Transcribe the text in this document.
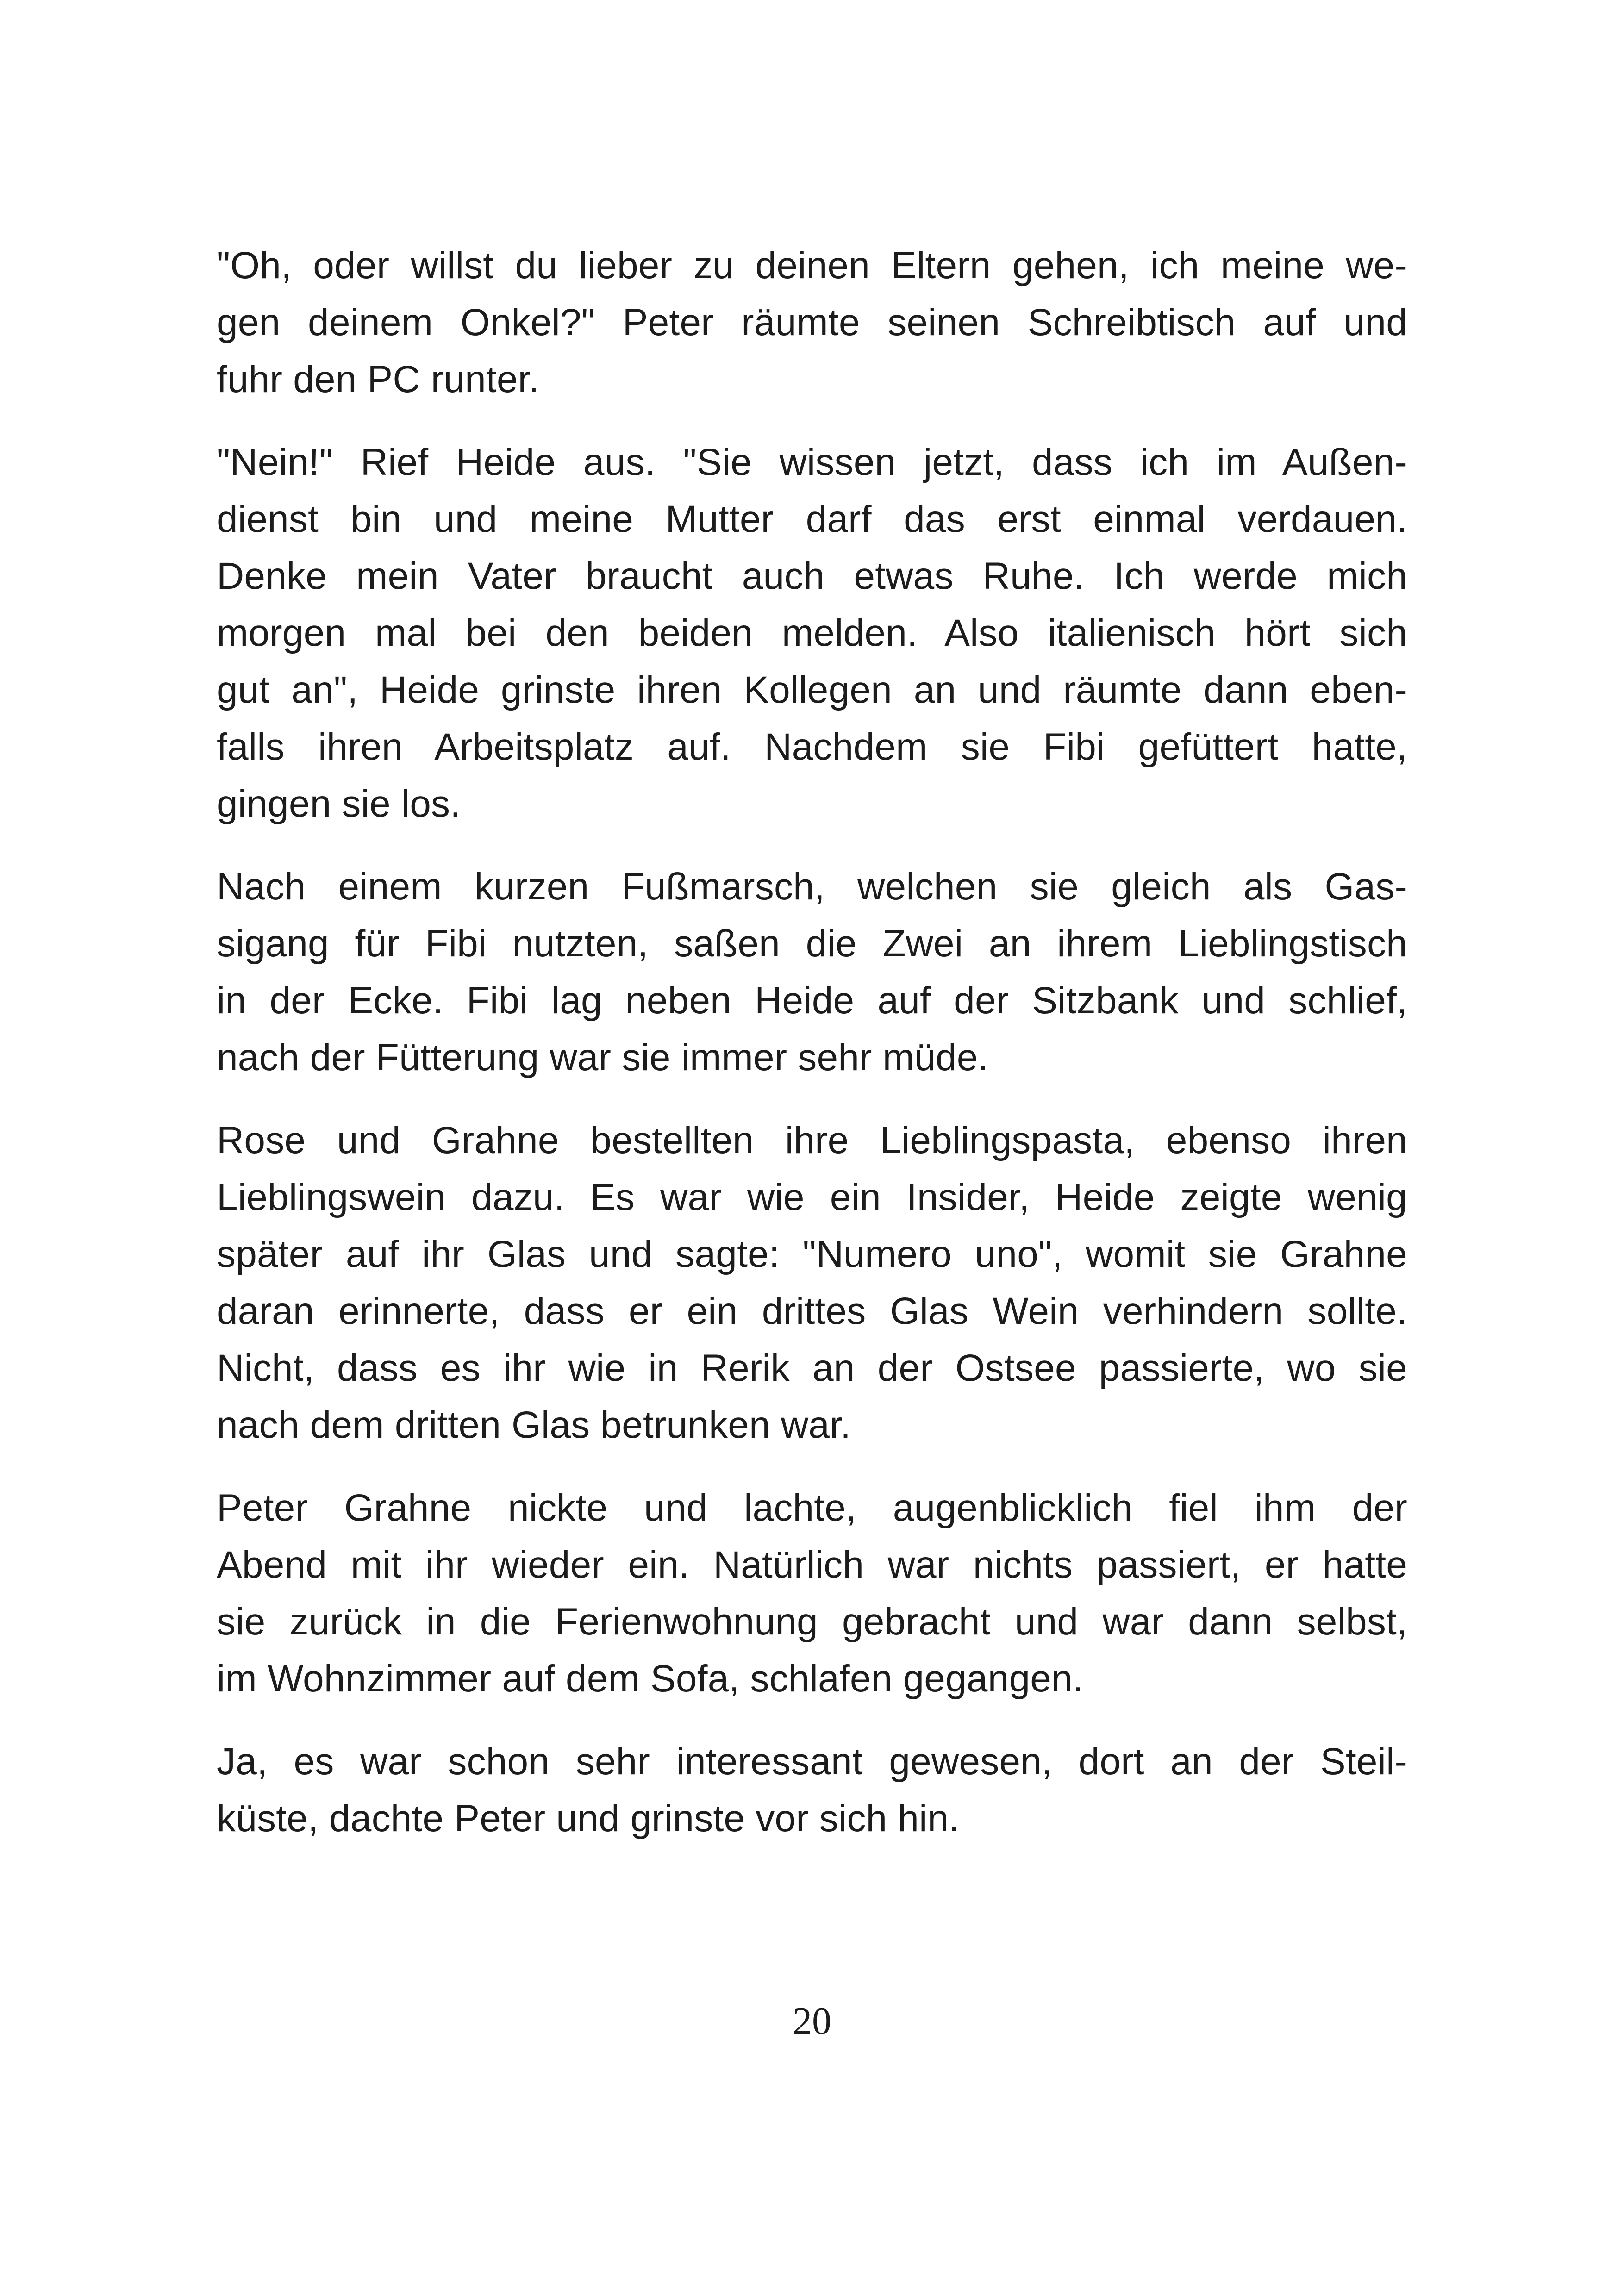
"Oh, oder willst du lieber zu deinen Eltern gehen, ich meine we-
gen deinem Onkel?" Peter räumte seinen Schreibtisch auf und
fuhr den PC runter.
"Nein!" Rief Heide aus. "Sie wissen jetzt, dass ich im Außen-
dienst bin und meine Mutter darf das erst einmal verdauen.
Denke mein Vater braucht auch etwas Ruhe. Ich werde mich
morgen mal bei den beiden melden. Also italienisch hört sich
gut an", Heide grinste ihren Kollegen an und räumte dann eben-
falls ihren Arbeitsplatz auf. Nachdem sie Fibi gefüttert hatte,
gingen sie los.
Nach einem kurzen Fußmarsch, welchen sie gleich als Gas-
sigang für Fibi nutzten, saßen die Zwei an ihrem Lieblingstisch
in der Ecke. Fibi lag neben Heide auf der Sitzbank und schlief,
nach der Fütterung war sie immer sehr müde.
Rose und Grahne bestellten ihre Lieblingspasta, ebenso ihren
Lieblingswein dazu. Es war wie ein Insider, Heide zeigte wenig
später auf ihr Glas und sagte: "Numero uno", womit sie Grahne
daran erinnerte, dass er ein drittes Glas Wein verhindern sollte.
Nicht, dass es ihr wie in Rerik an der Ostsee passierte, wo sie
nach dem dritten Glas betrunken war.
Peter Grahne nickte und lachte, augenblicklich fiel ihm der
Abend mit ihr wieder ein. Natürlich war nichts passiert, er hatte
sie zurück in die Ferienwohnung gebracht und war dann selbst,
im Wohnzimmer auf dem Sofa, schlafen gegangen.
Ja, es war schon sehr interessant gewesen, dort an der Steil-
küste, dachte Peter und grinste vor sich hin.
20
